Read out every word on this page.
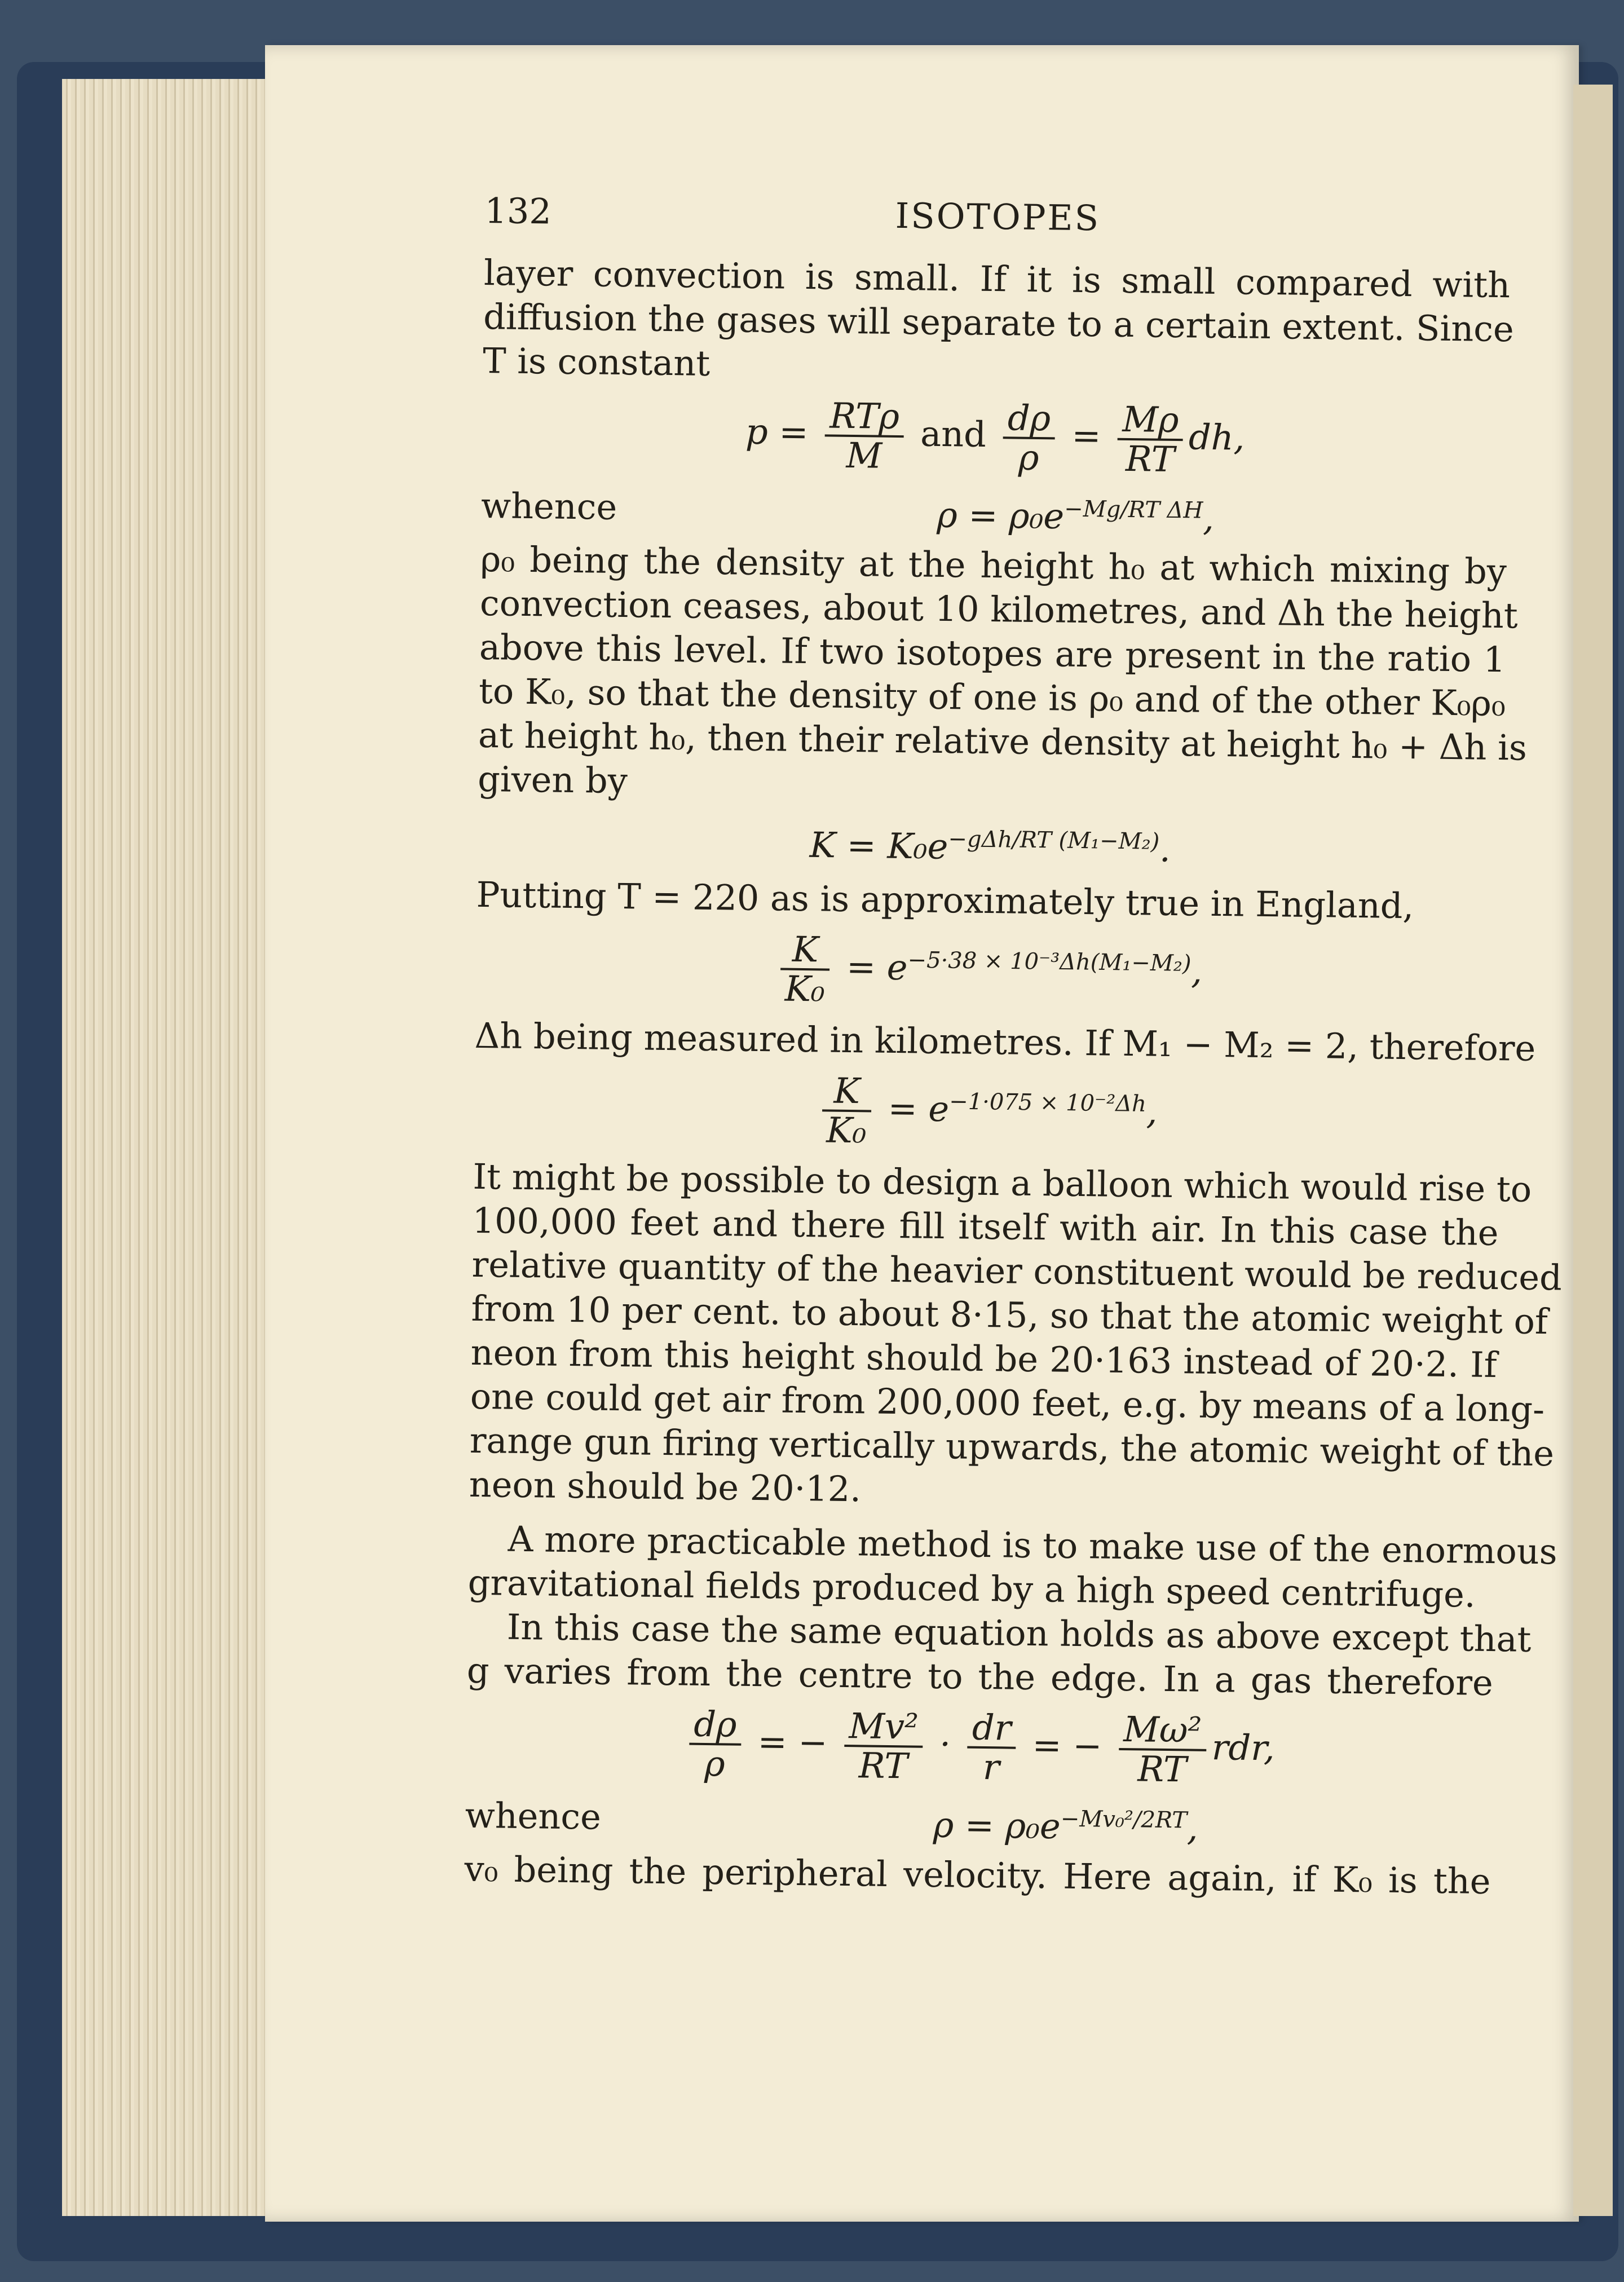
132	ISOTOPES
layer convection is small. If it is small compared with
diffusion the gases will separate to a certain extent. Since
T is constant
$p = \frac{\text{RTρ}}{M}$ and $\frac{d\rho}{\rho} = \frac{M\rho}{RT}$ dh,
whence	$\rho = \rho_0e^{-Mg/RT \Delta H}$,
ρ₀ being the density at the height h₀ at which mixing by
convection ceases, about 10 kilometres, and Δh the height
above this level. If two isotopes are present in the ratio 1
to K₀, so that the density of one is ρ₀ and of the other K₀ρ₀
at height h₀, then their relative density at height h₀ + Δh is
given by
$K = K_0e^{-g\Delta h/RT (M_1-M_2)}$.
Putting T = 220 as is approximately true in England,
$\frac{K}{\text{K₀}} = e^{-5\cdot 38 \times 10^{-3}\Delta h(M_1-M_2)}$,
Δh being measured in kilometres. If M₁ − M₂ = 2, therefore
$\frac{K}{\text{K₀}} = e^{-1\cdot 075 \times 10^{-2}\Delta h}$,
It might be possible to design a balloon which would rise to
100,000 feet and there fill itself with air. In this case the
relative quantity of the heavier constituent would be reduced
from 10 per cent. to about 8·15, so that the atomic weight of
neon from this height should be 20·163 instead of 20·2. If
one could get air from 200,000 feet, e.g. by means of a long-
range gun firing vertically upwards, the atomic weight of the
neon should be 20·12.
A more practicable method is to make use of the enormous
gravitational fields produced by a high speed centrifuge.
In this case the same equation holds as above except that
g varies from the centre to the edge. In a gas therefore
$\frac{d\rho}{\rho}$ = − $\frac{\text{Mv²}}{RT} \cdot \frac{dr}{r}$ = − $\frac{\text{Mω²}}{RT}$ rdr,
whence	$\rho = \rho_0e^{-Mv_0^2/2RT}$,
v₀ being the peripheral velocity. Here again, if K₀ is the
